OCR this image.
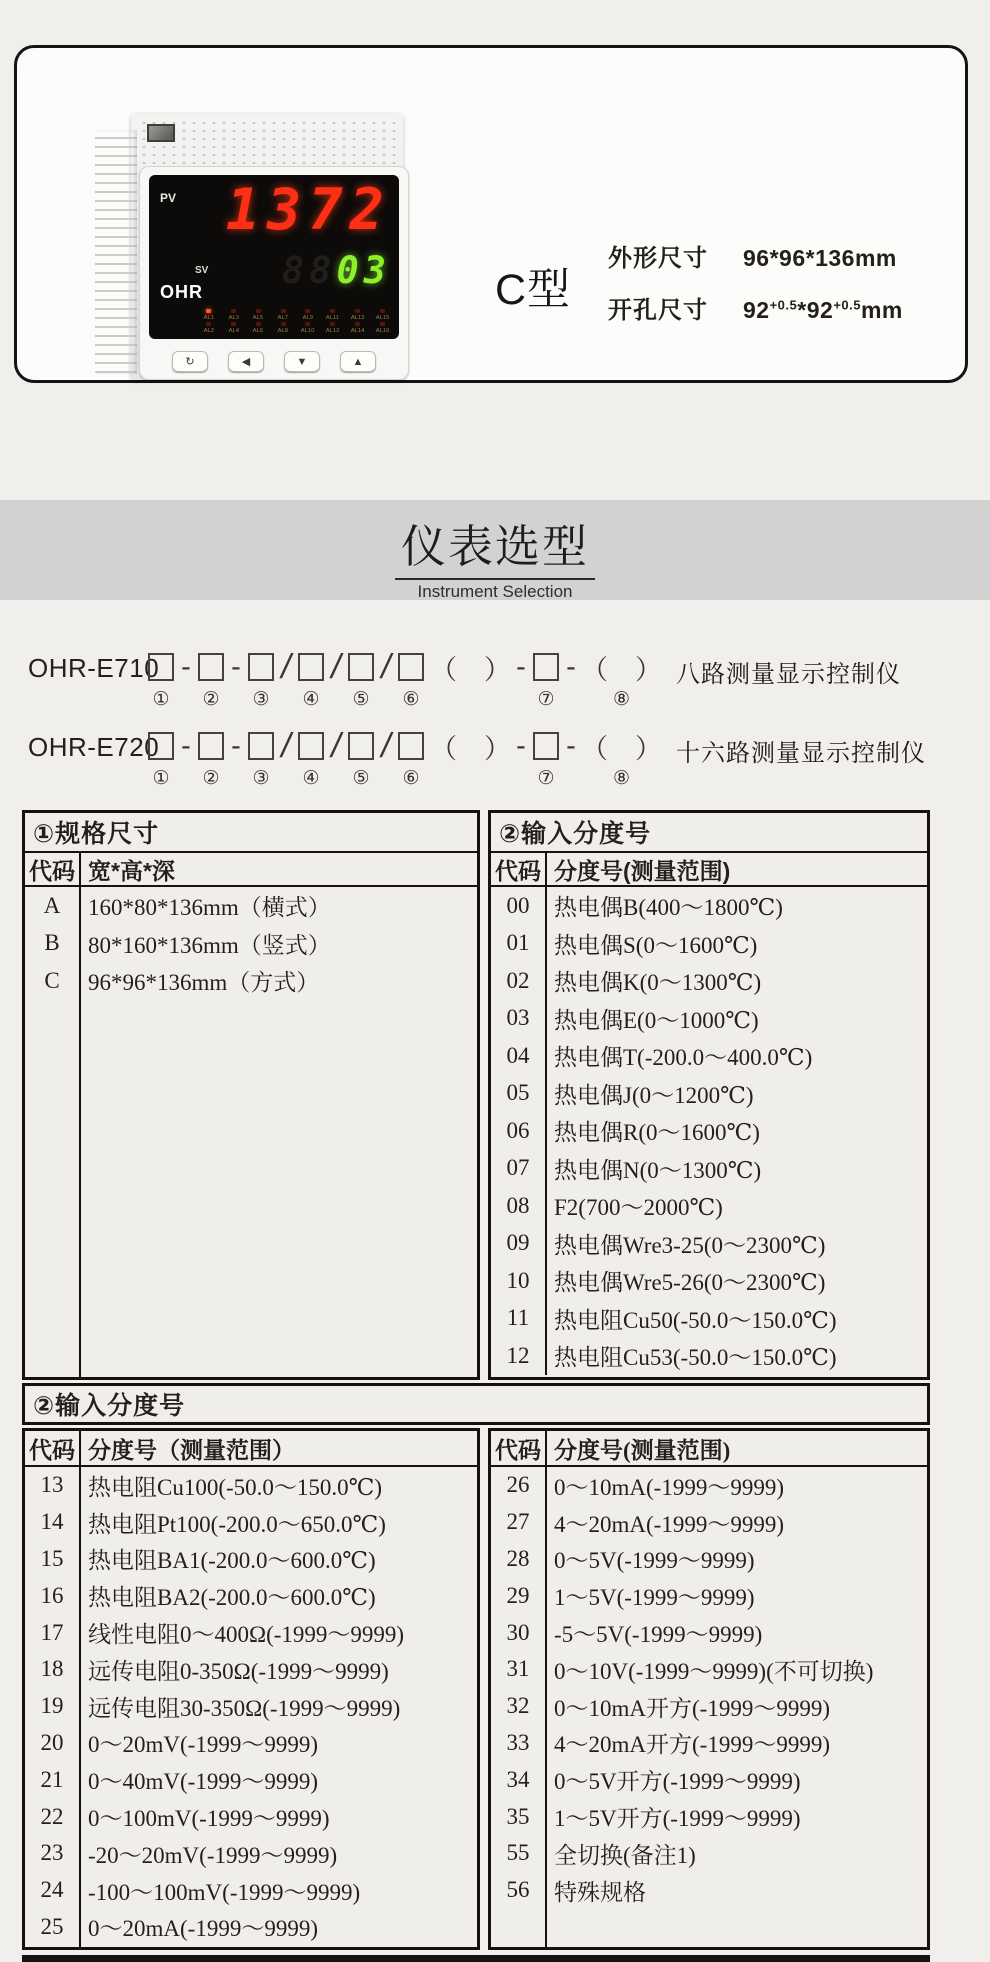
PV 1372
SV 8803
OHR
AL1 AL3 AL5 AL7 AL9 AL11 AL13 AL15
AL2 AL4 AL6 AL8 AL10 AL12 AL14 AL16
↻	◀	▼	▲
C型
外形尺寸	96*96*136mm
开孔尺寸	$92^{+0.5}*92^{+0.5}mm$
仪表选型
Instrument Selection
OHR-E710
①
-
②
-
③
/
④
/
⑤
/
⑥
（　） -
⑦
- （　）
⑧
八路测量显示控制仪
OHR-E720
①
-
②
-
③
/
④
/
⑤
/
⑥
（　） -
⑦
- （　）
⑧
十六路测量显示控制仪
①规格尺寸
代码 宽*高*深
A	160*80*136mm（横式）
B	80*160*136mm（竖式）
C	96*96*136mm（方式）
②输入分度号
代码 分度号(测量范围)
00	热电偶B(400～1800℃)
01	热电偶S(0～1600℃)
02	热电偶K(0～1300℃)
03	热电偶E(0～1000℃)
04	热电偶T(-200.0～400.0℃)
05	热电偶J(0～1200℃)
06	热电偶R(0～1600℃)
07	热电偶N(0～1300℃)
08	F2(700～2000℃)
09	热电偶Wre3-25(0～2300℃)
10	热电偶Wre5-26(0～2300℃)
11	热电阻Cu50(-50.0～150.0℃)
12	热电阻Cu53(-50.0～150.0℃)
②输入分度号
代码 分度号（测量范围）
13	热电阻Cu100(-50.0～150.0℃)
14	热电阻Pt100(-200.0～650.0℃)
15	热电阻BA1(-200.0～600.0℃)
16	热电阻BA2(-200.0～600.0℃)
17	线性电阻0～400Ω(-1999～9999)
18	远传电阻0-350Ω(-1999～9999)
19	远传电阻30-350Ω(-1999～9999)
20	0～20mV(-1999～9999)
21	0～40mV(-1999～9999)
22	0～100mV(-1999～9999)
23	-20～20mV(-1999～9999)
24	-100～100mV(-1999～9999)
25	0～20mA(-1999～9999)
代码 分度号(测量范围)
26	0～10mA(-1999～9999)
27	4～20mA(-1999～9999)
28	0～5V(-1999～9999)
29	1～5V(-1999～9999)
30	-5～5V(-1999～9999)
31	0～10V(-1999～9999)(不可切换)
32	0～10mA开方(-1999～9999)
33	4～20mA开方(-1999～9999)
34	0～5V开方(-1999～9999)
35	1～5V开方(-1999～9999)
55	全切换(备注1)
56	特殊规格
